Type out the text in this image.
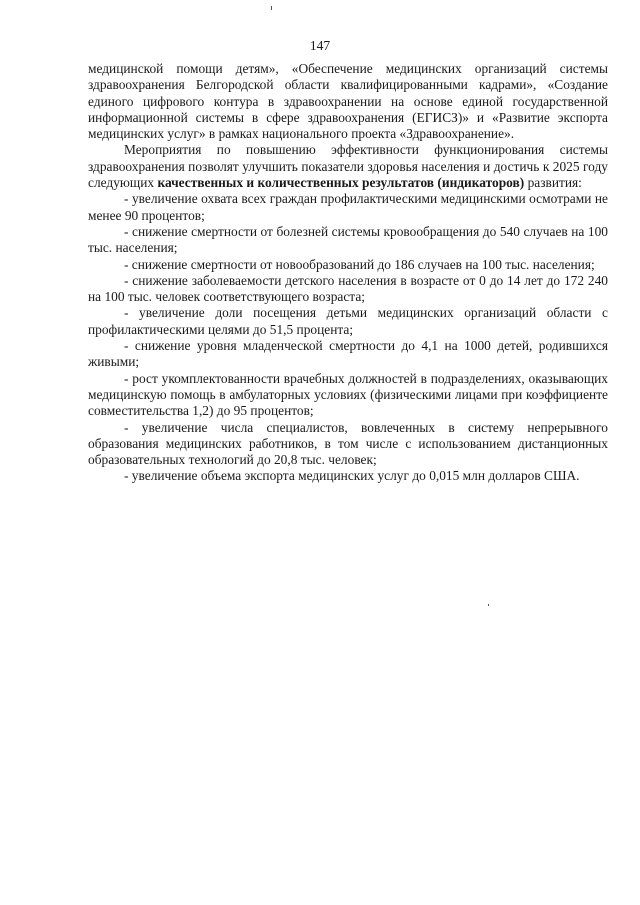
147

медицинской помощи детям», «Обеспечение медицинских организаций системы здравоохранения Белгородской области квалифицированными кадрами», «Создание единого цифрового контура в здравоохранении на основе единой государственной информационной системы в сфере здравоохранения (ЕГИСЗ)» и «Развитие экспорта медицинских услуг» в рамках национального проекта «Здравоохранение».

Мероприятия по повышению эффективности функционирования системы здравоохранения позволят улучшить показатели здоровья населения и достичь к 2025 году следующих качественных и количественных результатов (индикаторов) развития:

- увеличение охвата всех граждан профилактическими медицинскими осмотрами не менее 90 процентов;

- снижение смертности от болезней системы кровообращения до 540 случаев на 100 тыс. населения;

- снижение смертности от новообразований до 186 случаев на 100 тыс. населения;

- снижение заболеваемости детского населения в возрасте от 0 до 14 лет до 172 240 на 100 тыс. человек соответствующего возраста;

- увеличение доли посещения детьми медицинских организаций области с профилактическими целями до 51,5 процента;

- снижение уровня младенческой смертности до 4,1 на 1000 детей, родившихся живыми;

- рост укомплектованности врачебных должностей в подразделениях, оказывающих медицинскую помощь в амбулаторных условиях (физическими лицами при коэффициенте совместительства 1,2) до 95 процентов;

- увеличение числа специалистов, вовлеченных в систему непрерывного образования медицинских работников, в том числе с использованием дистанционных образовательных технологий до 20,8 тыс. человек;

- увеличение объема экспорта медицинских услуг до 0,015 млн долларов США.
